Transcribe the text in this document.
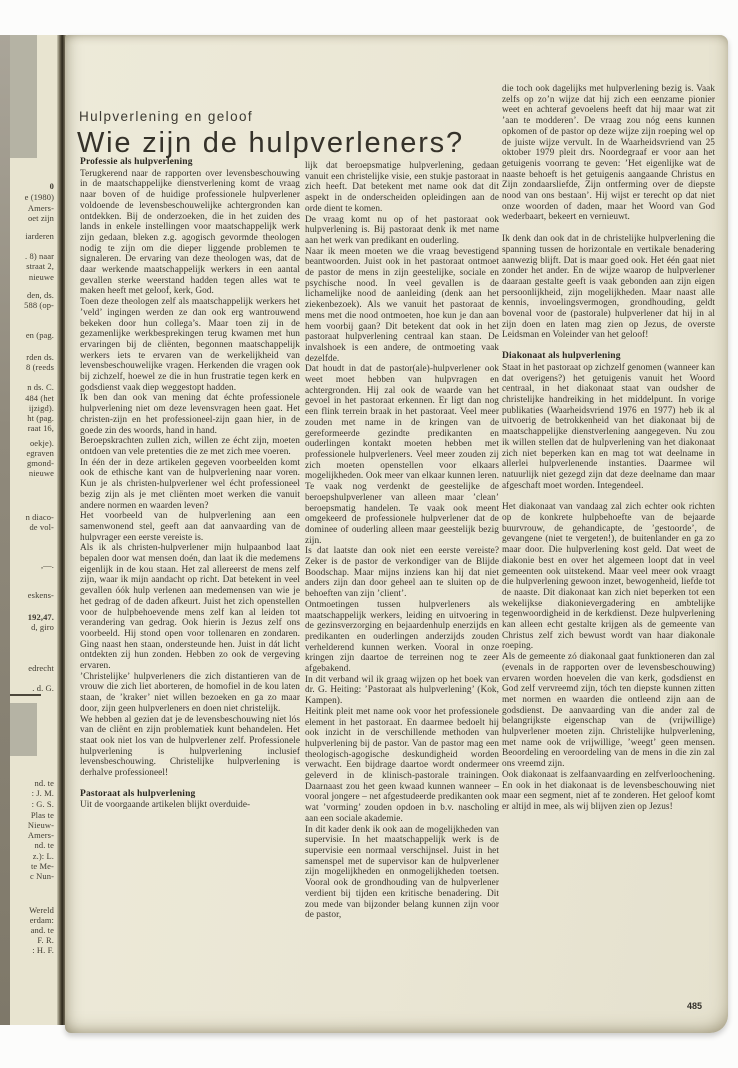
0
e (1980)
Amers-
oet zijn
iarderen
. 8) naar
straat 2,
nieuwe
den, ds.
588 (op-
en (pag.
rden ds.
8 (reeds
n ds. C.
484 (het
ijzigd).
ht (pag.
raat 16,
oekje).
egraven
gmond-
nieuwe
n diaco-
de vol-
,—.
eskens-
192,47.
d, giro
edrecht
. d. G.
nd. te
: J. M.
: G. S.
Plas te
Nieuw-
Amers-
nd. te
z.): L.
te Me-
c Nun-
Wereld
erdam:
and. te
F. R.
: H. F.
Hulpverlening en geloof
Wie zijn de hulpverleners?
Professie als hulpverlening
Terugkerend naar de rapporten over levensbeschouwing in de maatschappelijke dienstverlening komt de vraag naar boven of de huidige professionele hulpverlener voldoende de levensbeschouwelijke achtergronden kan ontdekken. Bij de onderzoeken, die in het zuiden des lands in enkele instellingen voor maatschappelijk werk zijn gedaan, bleken z.g. agogisch gevormde theologen nodig te zijn om die dieper liggende problemen te signaleren. De ervaring van deze theologen was, dat de daar werkende maatschappelijk werkers in een aantal gevallen sterke weerstand hadden tegen alles wat te maken heeft met geloof, kerk, God.
Toen deze theologen zelf als maatschappelijk werkers het ’veld’ ingingen werden ze dan ook erg wantrouwend bekeken door hun collega’s. Maar toen zij in de gezamenlijke werkbesprekingen terug kwamen met hun ervaringen bij de cliënten, begonnen maatschappelijk werkers iets te ervaren van de werkelijkheid van levensbeschouwelijke vragen. Herkenden die vragen ook bij zichzelf, hoewel ze die in hun frustratie tegen kerk en godsdienst vaak diep weggestopt hadden.
Ik ben dan ook van mening dat échte professionele hulpverlening niet om deze levensvragen heen gaat. Het christen-zijn en het professioneel-zijn gaan hier, in de goede zin des woords, hand in hand.
Beroepskrachten zullen zich, willen ze écht zijn, moeten ontdoen van vele pretenties die ze met zich mee voeren.
In één der in deze artikelen gegeven voorbeelden komt ook de ethische kant van de hulpverlening naar voren. Kun je als christen-hulpverlener wel écht professioneel bezig zijn als je met cliënten moet werken die vanuit andere normen en waarden leven?
Het voorbeeld van de hulpverlening aan een samenwonend stel, geeft aan dat aanvaarding van de hulpvrager een eerste vereiste is.
Als ik als christen-hulpverlener mijn hulpaanbod laat bepalen door wat mensen doén, dan laat ik die medemens eigenlijk in de kou staan. Het zal allereerst de mens zelf zijn, waar ik mijn aandacht op richt. Dat betekent in veel gevallen óók hulp verlenen aan medemensen van wie je het gedrag of de daden afkeurt. Juist het zich openstellen voor de hulpbehoevende mens zelf kan al leiden tot verandering van gedrag. Ook hierin is Jezus zelf ons voorbeeld. Hij stond open voor tollenaren en zondaren. Ging naast hen staan, ondersteunde hen. Juist in dát licht ontdekten zij hun zonden. Hebben zo ook de vergeving ervaren.
’Christelijke’ hulpverleners die zich distantieren van de vrouw die zich liet aborteren, de homofiel in de kou laten staan, de ’kraker’ niet willen bezoeken en ga zo maar door, zijn geen hulpverleners en doen niet christelijk.
We hebben al gezien dat je de levensbeschouwing niet lós van de cliënt en zijn problematiek kunt behandelen. Het staat ook niet los van de hulpverlener zelf. Professionele hulpverlening is hulpverlening inclusief levensbeschouwing. Christelijke hulpverlening is derhalve professioneel!
Pastoraat als hulpverlening
Uit de voorgaande artikelen blijkt overduide-
lijk dat beroepsmatige hulpverlening, gedaan vanuit een christelijke visie, een stukje pastoraat in zich heeft. Dat betekent met name ook dat dit aspekt in de onderscheiden opleidingen aan de orde dient te komen.
De vraag komt nu op of het pastoraat ook hulpverlening is. Bij pastoraat denk ik met name aan het werk van predikant en ouderling.
Naar ik meen moeten we die vraag bevestigend beantwoorden. Juist ook in het pastoraat ontmoet de pastor de mens in zijn geestelijke, sociale en psychische nood. In veel gevallen is de lichamelijke nood de aanleiding (denk aan het ziekenbezoek). Als we vanuit het pastoraat de mens met die nood ontmoeten, hoe kun je dan aan hem voorbij gaan? Dit betekent dat ook in het pastoraat hulpverlening centraal kan staan. De invalshoek is een andere, de ontmoeting vaak dezelfde.
Dat houdt in dat de pastor(ale)-hulpverlener ook weet moet hebben van hulpvragen en achtergronden. Hij zal ook de waarde van het gevoel in het pastoraat erkennen. Er ligt dan nog een flink terrein braak in het pastoraat. Veel meer zouden met name in de kringen van de gereformeerde gezindte predikanten en ouderlingen kontakt moeten hebben met professionele hulpverleners. Veel meer zouden zij zich moeten openstellen voor elkaars mogelijkheden. Ook meer van elkaar kunnen leren. Te vaak nog verdenkt de geestelijke de beroepshulpverlener van alleen maar ’clean’ beroepsmatig handelen. Te vaak ook meent omgekeerd de professionele hulpverlener dat de dominee of ouderling alleen maar geestelijk bezig zijn.
Is dat laatste dan ook niet een eerste vereiste? Zeker is de pastor de verkondiger van de Blijde Boodschap. Maar mijns inziens kan hij dat niet anders zijn dan door geheel aan te sluiten op de behoeften van zijn ’client’.
Ontmoetingen tussen hulpverleners als maatschappelijk werkers, leiding en uitvoering in de gezinsverzorging en bejaardenhulp enerzijds en predikanten en ouderlingen anderzijds zouden verhelderend kunnen werken. Vooral in onze kringen zijn daartoe de terreinen nog te zeer afgebakend.
In dit verband wil ik graag wijzen op het boek van dr. G. Heiting: ’Pastoraat als hulpverlening’ (Kok, Kampen).
Heitink pleit met name ook voor het professionele element in het pastoraat. En daarmee bedoelt hij ook inzicht in de verschillende methoden van hulpverlening bij de pastor. Van de pastor mag een theologisch-agogische deskundigheid worden verwacht. Een bijdrage daartoe wordt ondermeer geleverd in de klinisch-pastorale trainingen. Daarnaast zou het geen kwaad kunnen wanneer – vooral jongere – net afgestudeerde predikanten ook wat ’vorming’ zouden opdoen in b.v. nascholing aan een sociale akademie.
In dit kader denk ik ook aan de mogelijkheden van supervisie. In het maatschappelijk werk is de supervisie een normaal verschijnsel. Juist in het samenspel met de supervisor kan de hulpverlener zijn mogelijkheden en onmogelijkheden toetsen. Vooral ook de grondhouding van de hulpverlener verdient bij tijden een kritische benadering. Dit zou mede van bijzonder belang kunnen zijn voor de pastor,
die toch ook dagelijks met hulpverlening bezig is. Vaak zelfs op zo’n wijze dat hij zich een eenzame pionier weet en achteraf gevoelens heeft dat hij maar wat zit ’aan te modderen’. De vraag zou nóg eens kunnen opkomen of de pastor op deze wijze zijn roeping wel op de juiste wijze vervult. In de Waarheidsvriend van 25 oktober 1979 pleit drs. Noordegraaf er voor aan het getuigenis voorrang te geven: ’Het eigenlijke wat de naaste behoeft is het getuigenis aangaande Christus en Zijn zondaarsliefde, Zijn ontferming over de diepste nood van ons bestaan’. Hij wijst er terecht op dat niet onze woorden of daden, maar het Woord van God wederbaart, bekeert en vernieuwt.
Ik denk dan ook dat in de christelijke hulpverlening die spanning tussen de horizontale en vertikale benadering aanwezig blijft. Dat is maar goed ook. Het één gaat niet zonder het ander. En de wijze waarop de hulpverlener daaraan gestalte geeft is vaak gebonden aan zijn eigen persoonlijkheid, zijn mogelijkheden. Maar naast alle kennis, invoelingsvermogen, grondhouding, geldt bovenal voor de (pastorale) hulpverlener dat hij in al zijn doen en laten mag zien op Jezus, de overste Leidsman en Voleinder van het geloof!
Diakonaat als hulpverlening
Staat in het pastoraat op zichzelf genomen (wanneer kan dat overigens?) het getuigenis vanuit het Woord centraal, in het diakonaat staat van oudsher de christelijke handreiking in het middelpunt. In vorige publikaties (Waarheidsvriend 1976 en 1977) heb ik al uitvoerig de betrokkenheid van het diakonaat bij de maatschappelijke dienstverlening aangegeven. Nu zou ik willen stellen dat de hulpverlening van het diakonaat zich niet beperken kan en mag tot wat deelname in allerlei hulpverlenende instanties. Daarmee wil natuurlijk niet gezegd zijn dat deze deelname dan maar afgeschaft moet worden. Integendeel.
Het diakonaat van vandaag zal zich echter ook richten op de konkrete hulpbehoefte van de bejaarde buurvrouw, de gehandicapte, de ’gestoorde’, de gevangene (niet te vergeten!), de buitenlander en ga zo maar door. Die hulpverlening kost geld. Dat weet de diakonie best en over het algemeen loopt dat in veel gemeenten ook uitstekend. Maar veel meer ook vraagt die hulpverlening gewoon inzet, bewogenheid, liefde tot de naaste. Dit diakonaat kan zich niet beperken tot een wekelijkse diakonievergadering en ambtelijke tegenwoordigheid in de kerkdienst. Deze hulpverlening kan alleen echt gestalte krijgen als de gemeente van Christus zelf zich bewust wordt van haar diakonale roeping.
Als de gemeente zó diakonaal gaat funktioneren dan zal (evenals in de rapporten over de levensbeschouwing) ervaren worden hoevelen die van kerk, godsdienst en God zelf vervreemd zijn, tóch ten diepste kunnen zitten met normen en waarden die ontleend zijn aan de godsdienst. De aanvaarding van die ander zal de belangrijkste eigenschap van de (vrijwillige) hulpverlener moeten zijn. Christelijke hulpverlening, met name ook de vrijwillige, ’weegt’ geen mensen. Beoordeling en veroordeling van de mens in die zin zal ons vreemd zijn.
Ook diakonaat is zelfaanvaarding en zelfverloochening. En ook in het diakonaat is de levensbeschouwing niet maar een segment, niet af te zonderen. Het geloof komt er altijd in mee, als wij blijven zien op Jezus!
485
